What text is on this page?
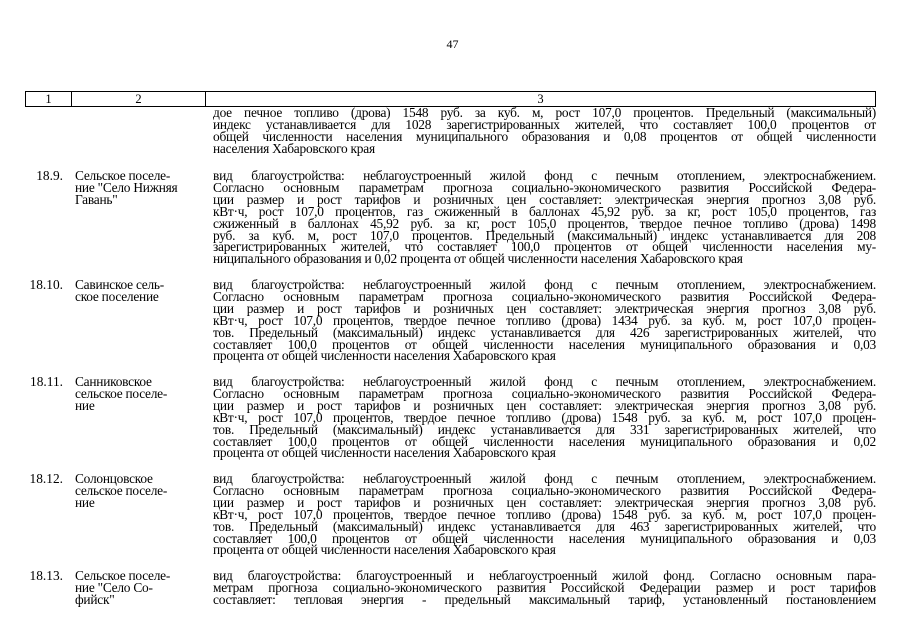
47
1	2	3
дое печное топливо (дрова) 1548 руб. за куб. м, рост 107,0 процентов. Предельный (максимальный)
индекс устанавливается для 1028 зарегистрированных жителей, что составляет 100,0 процентов от
общей численности населения муниципального образования и 0,08 процентов от общей численности
населения Хабаровского края
18.9. Сельское поселе-
ние "Село Нижняя
Гавань"
вид благоустройства: неблагоустроенный жилой фонд с печным отоплением, электроснабжением.
Согласно основным параметрам прогноза социально-экономического развития Российской Федера-
ции размер и рост тарифов и розничных цен составляет: электрическая энергия прогноз 3,08 руб.
кВт·ч, рост 107,0 процентов, газ сжиженный в баллонах 45,92 руб. за кг, рост 105,0 процентов, газ
сжиженный в баллонах 45,92 руб. за кг, рост 105,0 процентов, твердое печное топливо (дрова) 1498
руб. за куб. м, рост 107,0 процентов. Предельный (максимальный) индекс устанавливается для 208
зарегистрированных жителей, что составляет 100,0 процентов от общей численности населения му-
ниципального образования и 0,02 процента от общей численности населения Хабаровского края
18.10. Савинское сель-
ское поселение
вид благоустройства: неблагоустроенный жилой фонд с печным отоплением, электроснабжением.
Согласно основным параметрам прогноза социально-экономического развития Российской Федера-
ции размер и рост тарифов и розничных цен составляет: электрическая энергия прогноз 3,08 руб.
кВт·ч, рост 107,0 процентов, твердое печное топливо (дрова) 1434 руб. за куб. м, рост 107,0 процен-
тов. Предельный (максимальный) индекс устанавливается для 426 зарегистрированных жителей, что
составляет 100,0 процентов от общей численности населения муниципального образования и 0,03
процента от общей численности населения Хабаровского края
18.11. Санниковское
сельское поселе-
ние
вид благоустройства: неблагоустроенный жилой фонд с печным отоплением, электроснабжением.
Согласно основным параметрам прогноза социально-экономического развития Российской Федера-
ции размер и рост тарифов и розничных цен составляет: электрическая энергия прогноз 3,08 руб.
кВт·ч, рост 107,0 процентов, твердое печное топливо (дрова) 1548 руб. за куб. м, рост 107,0 процен-
тов. Предельный (максимальный) индекс устанавливается для 331 зарегистрированных жителей, что
составляет 100,0 процентов от общей численности населения муниципального образования и 0,02
процента от общей численности населения Хабаровского края
18.12. Солонцовское
сельское поселе-
ние
вид благоустройства: неблагоустроенный жилой фонд с печным отоплением, электроснабжением.
Согласно основным параметрам прогноза социально-экономического развития Российской Федера-
ции размер и рост тарифов и розничных цен составляет: электрическая энергия прогноз 3,08 руб.
кВт·ч, рост 107,0 процентов, твердое печное топливо (дрова) 1548 руб. за куб. м, рост 107,0 процен-
тов. Предельный (максимальный) индекс устанавливается для 463 зарегистрированных жителей, что
составляет 100,0 процентов от общей численности населения муниципального образования и 0,03
процента от общей численности населения Хабаровского края
18.13. Сельское поселе-
ние "Село Со-
фийск"
вид благоустройства: благоустроенный и неблагоустроенный жилой фонд. Согласно основным пара-
метрам прогноза социально-экономического развития Российской Федерации размер и рост тарифов
составляет: тепловая энергия - предельный максимальный тариф, установленный постановлением
